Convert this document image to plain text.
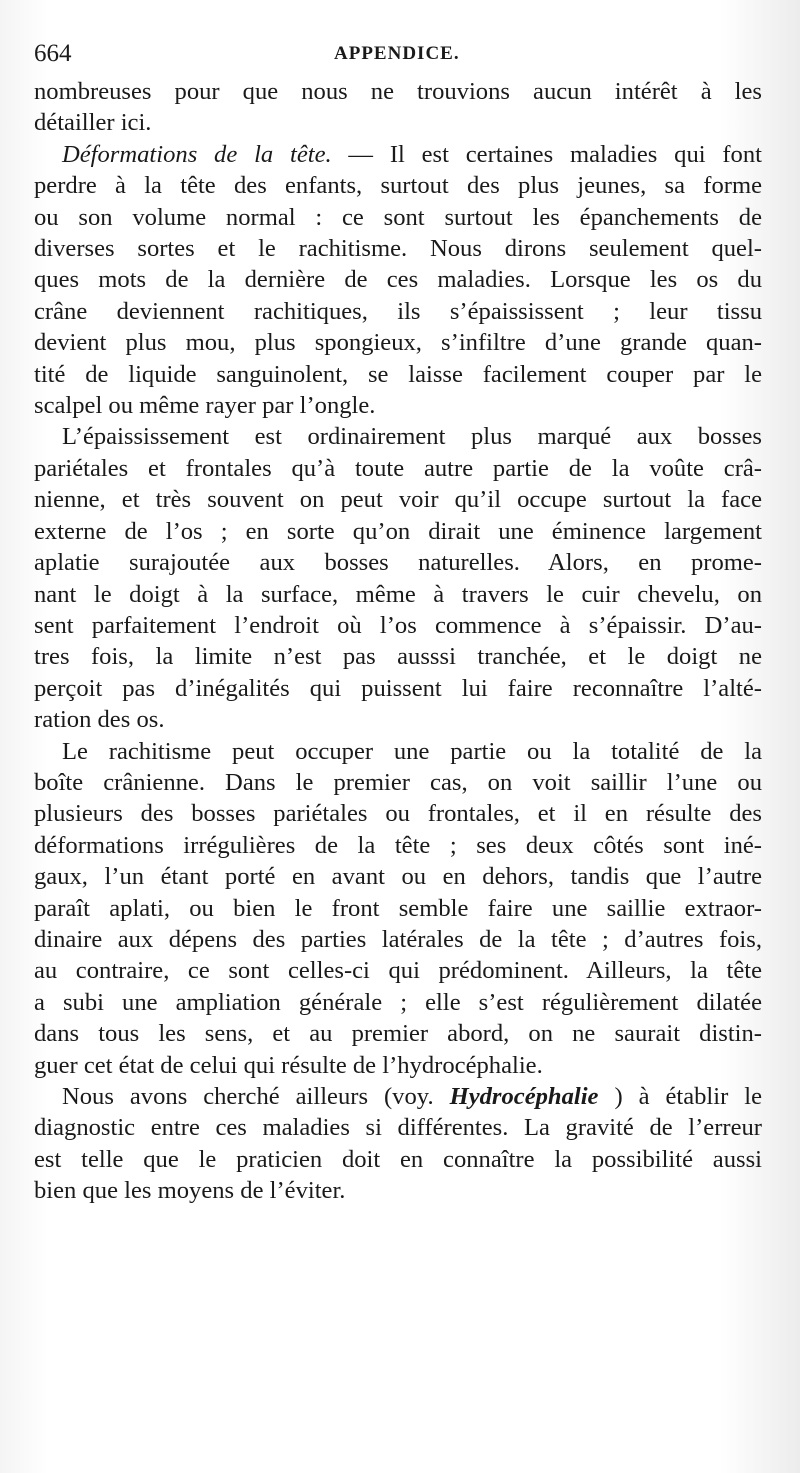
664	APPENDICE.

nombreuses pour que nous ne trouvions aucun intérêt à les
détailler ici.

Déformations de la tête. — Il est certaines maladies qui font
perdre à la tête des enfants, surtout des plus jeunes, sa forme
ou son volume normal : ce sont surtout les épanchements de
diverses sortes et le rachitisme. Nous dirons seulement quel-
ques mots de la dernière de ces maladies. Lorsque les os du
crâne deviennent rachitiques, ils s’épaississent ; leur tissu
devient plus mou, plus spongieux, s’infiltre d’une grande quan-
tité de liquide sanguinolent, se laisse facilement couper par le
scalpel ou même rayer par l’ongle.

L’épaississement est ordinairement plus marqué aux bosses
pariétales et frontales qu’à toute autre partie de la voûte crâ-
nienne, et très souvent on peut voir qu’il occupe surtout la face
externe de l’os ; en sorte qu’on dirait une éminence largement
aplatie surajoutée aux bosses naturelles. Alors, en prome-
nant le doigt à la surface, même à travers le cuir chevelu, on
sent parfaitement l’endroit où l’os commence à s’épaissir. D’au-
tres fois, la limite n’est pas ausssi tranchée, et le doigt ne
perçoit pas d’inégalités qui puissent lui faire reconnaître l’alté-
ration des os.

Le rachitisme peut occuper une partie ou la totalité de la
boîte crânienne. Dans le premier cas, on voit saillir l’une ou
plusieurs des bosses pariétales ou frontales, et il en résulte des
déformations irrégulières de la tête ; ses deux côtés sont iné-
gaux, l’un étant porté en avant ou en dehors, tandis que l’autre
paraît aplati, ou bien le front semble faire une saillie extraor-
dinaire aux dépens des parties latérales de la tête ; d’autres fois,
au contraire, ce sont celles-ci qui prédominent. Ailleurs, la tête
a subi une ampliation générale ; elle s’est régulièrement dilatée
dans tous les sens, et au premier abord, on ne saurait distin-
guer cet état de celui qui résulte de l’hydrocéphalie.

Nous avons cherché ailleurs (voy. Hydrocéphalie ) à établir le
diagnostic entre ces maladies si différentes. La gravité de l’erreur
est telle que le praticien doit en connaître la possibilité aussi
bien que les moyens de l’éviter.
